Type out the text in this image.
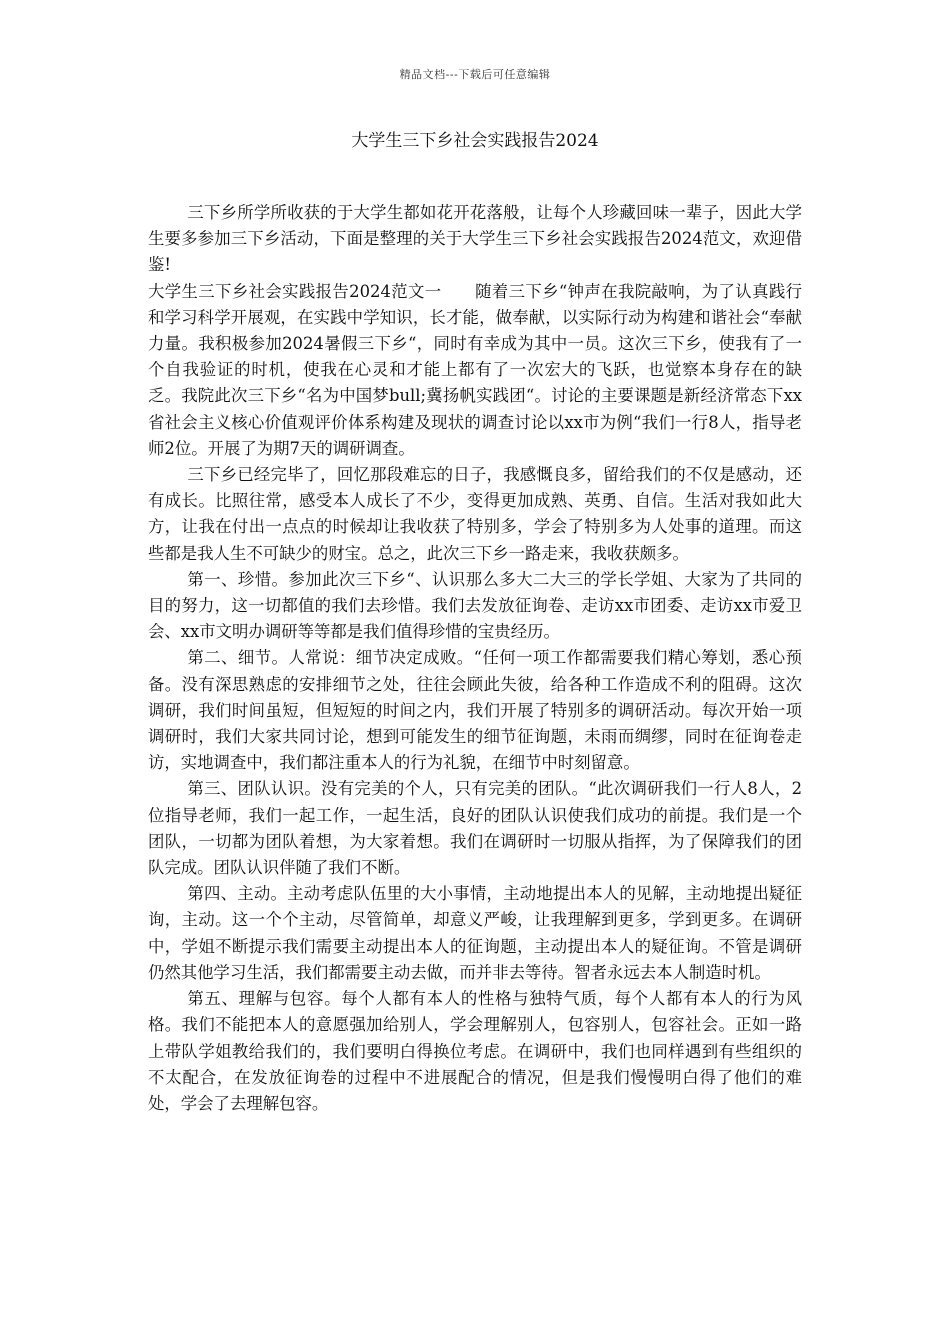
精品文档---下载后可任意编辑
大学生三下乡社会实践报告2024

三下乡所学所收获的于大学生都如花开花落般，让每个人珍藏回味一辈子，因此大学生要多参加三下乡活动，下面是整理的关于大学生三下乡社会实践报告2024范文，欢迎借鉴!

大学生三下乡社会实践报告2024范文一　　随着三下乡“钟声在我院敲响，为了认真践行和学习科学开展观，在实践中学知识，长才能，做奉献，以实际行动为构建和谐社会“奉献力量。我积极参加2024暑假三下乡“，同时有幸成为其中一员。这次三下乡，使我有了一个自我验证的时机，使我在心灵和才能上都有了一次宏大的飞跃，也觉察本身存在的缺乏。我院此次三下乡“名为中国梦bull;冀扬帆实践团“。讨论的主要课题是新经济常态下xx省社会主义核心价值观评价体系构建及现状的调查讨论以xx市为例“我们一行8人，指导老师2位。开展了为期7天的调研调查。

三下乡已经完毕了，回忆那段难忘的日子，我感慨良多，留给我们的不仅是感动，还有成长。比照往常，感受本人成长了不少，变得更加成熟、英勇、自信。生活对我如此大方，让我在付出一点点的时候却让我收获了特别多，学会了特别多为人处事的道理。而这些都是我人生不可缺少的财宝。总之，此次三下乡一路走来，我收获颇多。

第一、珍惜。参加此次三下乡“、认识那么多大二大三的学长学姐、大家为了共同的目的努力，这一切都值的我们去珍惜。我们去发放征询卷、走访xx市团委、走访xx市爱卫会、xx市文明办调研等等都是我们值得珍惜的宝贵经历。

第二、细节。人常说：细节决定成败。“任何一项工作都需要我们精心筹划，悉心预备。没有深思熟虑的安排细节之处，往往会顾此失彼，给各种工作造成不利的阻碍。这次调研，我们时间虽短，但短短的时间之内，我们开展了特别多的调研活动。每次开始一项调研时，我们大家共同讨论，想到可能发生的细节征询题，未雨而绸缪，同时在征询卷走访，实地调查中，我们都注重本人的行为礼貌，在细节中时刻留意。

第三、团队认识。没有完美的个人，只有完美的团队。“此次调研我们一行人8人，2位指导老师，我们一起工作，一起生活，良好的团队认识使我们成功的前提。我们是一个团队，一切都为团队着想，为大家着想。我们在调研时一切服从指挥，为了保障我们的团队完成。团队认识伴随了我们不断。

第四、主动。主动考虑队伍里的大小事情，主动地提出本人的见解，主动地提出疑征询，主动。这一个个主动，尽管简单，却意义严峻，让我理解到更多，学到更多。在调研中，学姐不断提示我们需要主动提出本人的征询题，主动提出本人的疑征询。不管是调研仍然其他学习生活，我们都需要主动去做，而并非去等待。智者永远去本人制造时机。

第五、理解与包容。每个人都有本人的性格与独特气质，每个人都有本人的行为风格。我们不能把本人的意愿强加给别人，学会理解别人，包容别人，包容社会。正如一路上带队学姐教给我们的，我们要明白得换位考虑。在调研中，我们也同样遇到有些组织的不太配合，在发放征询卷的过程中不进展配合的情况，但是我们慢慢明白得了他们的难处，学会了去理解包容。
